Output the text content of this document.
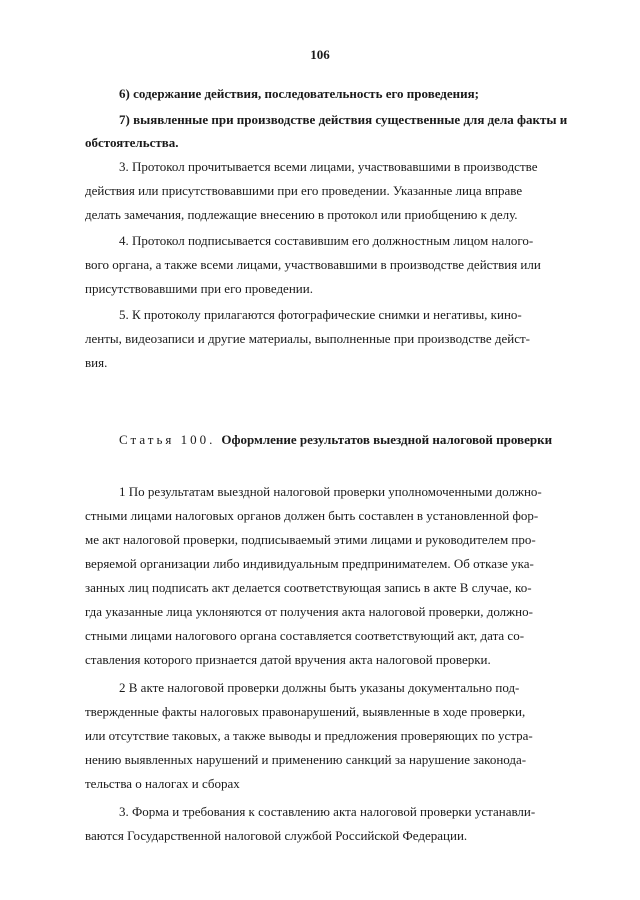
106
6) содержание действия, последовательность его проведения;
7) выявленные при производстве действия существенные для дела факты и
обстоятельства.
3. Протокол прочитывается всеми лицами, участвовавшими в производстве
действия или присутствовавшими при его проведении. Указанные лица вправе
делать замечания, подлежащие внесению в протокол или приобщению к делу.
4. Протокол подписывается составившим его должностным лицом налого-
вого органа, а также всеми лицами, участвовавшими в производстве действия или
присутствовавшими при его проведении.
5. К протоколу прилагаются фотографические снимки и негативы, кино-
ленты, видеозаписи и другие материалы, выполненные при производстве дейст-
вия.
Статья 100. Оформление результатов выездной налоговой проверки
1 По результатам выездной налоговой проверки уполномоченными должно-
стными лицами налоговых органов должен быть составлен в установленной фор-
ме акт налоговой проверки, подписываемый этими лицами и руководителем про-
веряемой организации либо индивидуальным предпринимателем. Об отказе ука-
занных лиц подписать акт делается соответствующая запись в акте В случае, ко-
гда указанные лица уклоняются от получения акта налоговой проверки, должно-
стными лицами налогового органа составляется соответствующий акт, дата со-
ставления которого признается датой вручения акта налоговой проверки.
2 В акте налоговой проверки должны быть указаны документально под-
твержденные факты налоговых правонарушений, выявленные в ходе проверки,
или отсутствие таковых, а также выводы и предложения проверяющих по устра-
нению выявленных нарушений и применению санкций за нарушение законода-
тельства о налогах и сборах
3. Форма и требования к составлению акта налоговой проверки устанавли-
ваются Государственной налоговой службой Российской Федерации.
